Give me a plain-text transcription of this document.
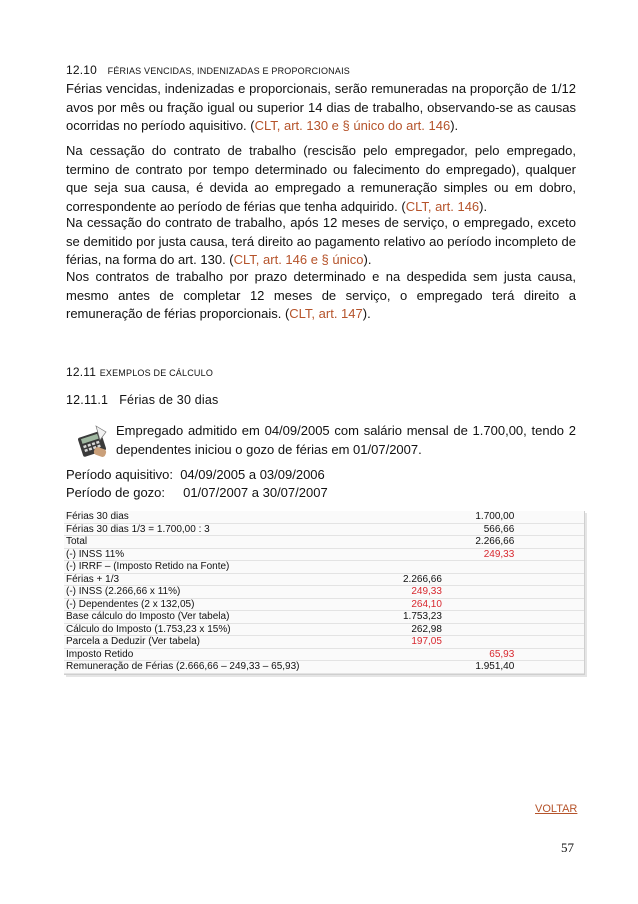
12.10 FÉRIAS VENCIDAS, INDENIZADAS E PROPORCIONAIS

Férias vencidas, indenizadas e proporcionais, serão remuneradas na proporção de 1/12 avos por mês ou fração igual ou superior 14 dias de trabalho, observando-se as causas ocorridas no período aquisitivo. (CLT, art. 130 e § único do art. 146).

Na cessação do contrato de trabalho (rescisão pelo empregador, pelo empregado, termino de contrato por tempo determinado ou falecimento do empregado), qualquer que seja sua causa, é devida ao empregado a remuneração simples ou em dobro, correspondente ao período de férias que tenha adquirido. (CLT, art. 146).

Na cessação do contrato de trabalho, após 12 meses de serviço, o empregado, exceto se demitido por justa causa, terá direito ao pagamento relativo ao período incompleto de férias, na forma do art. 130. (CLT, art. 146 e § único).

Nos contratos de trabalho por prazo determinado e na despedida sem justa causa, mesmo antes de completar 12 meses de serviço, o empregado terá direito a remuneração de férias proporcionais. (CLT, art. 147).

12.11 EXEMPLOS DE CÁLCULO
12.11.1 Férias de 30 dias

Empregado admitido em 04/09/2005 com salário mensal de 1.700,00, tendo 2 dependentes iniciou o gozo de férias em 01/07/2007.

Período aquisitivo: 04/09/2005 a 03/09/2006
Período de gozo: 01/07/2007 a 30/07/2007
Férias 30 dias		1.700,00	
Férias 30 dias 1/3 = 1.700,00 : 3		566,66	
Total		2.266,66	
(-) INSS 11%		249,33	
(-) IRRF – (Imposto Retido na Fonte)			
Férias + 1/3	2.266,66		
(-) INSS (2.266,66 x 11%)	249,33		
(-) Dependentes (2 x 132,05)	264,10		
Base cálculo do Imposto (Ver tabela)	1.753,23		
Cálculo do Imposto (1.753,23 x 15%)	262,98		
Parcela a Deduzir (Ver tabela)	197,05		
Imposto Retido		65,93	
Remuneração de Férias (2.666,66 – 249,33 – 65,93)		1.951,40	
VOLTAR
57
